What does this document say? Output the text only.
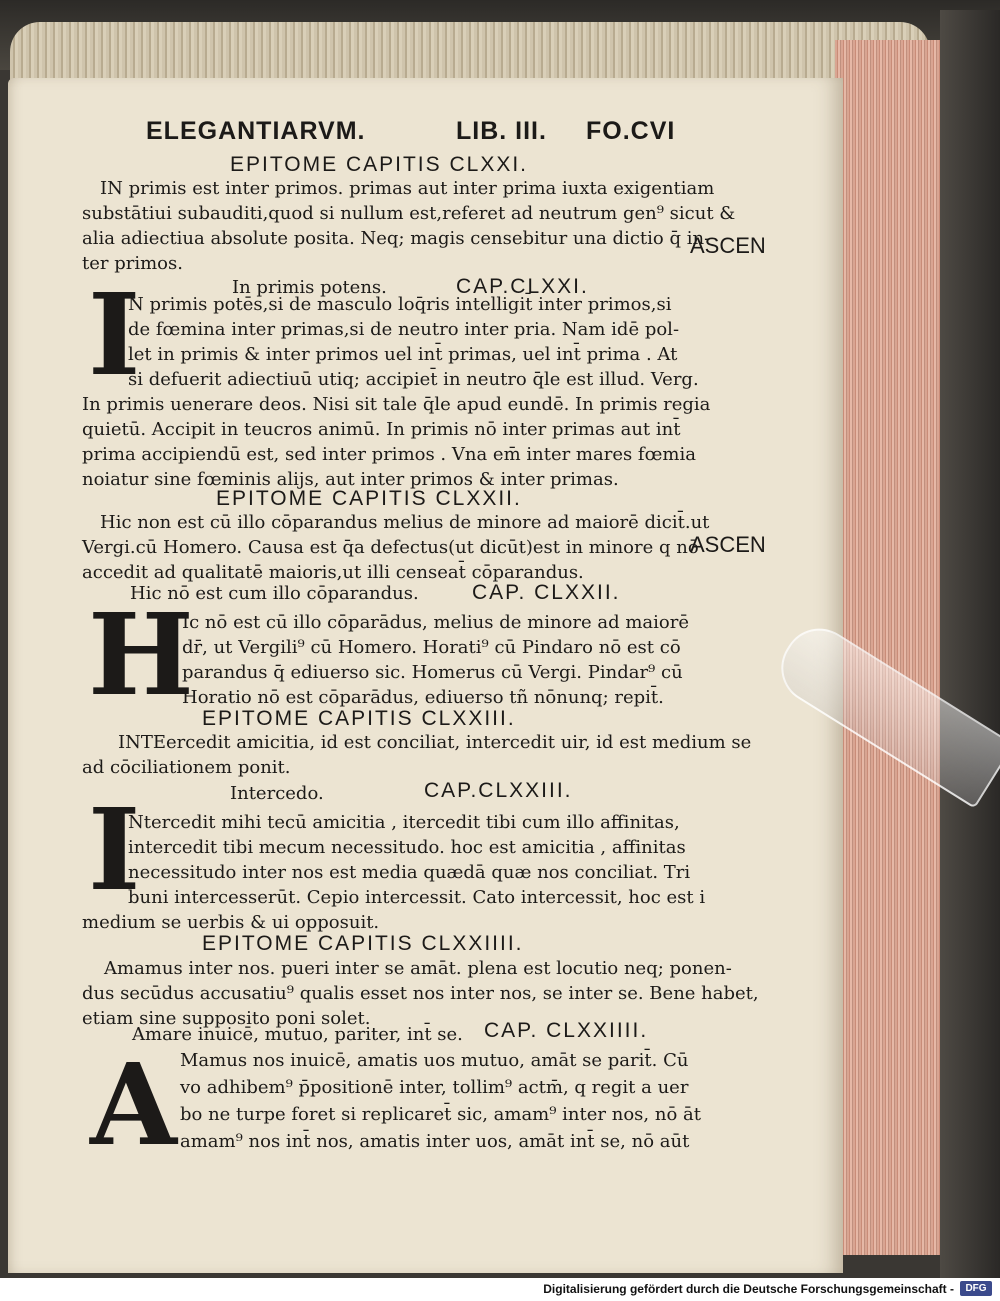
ELEGANTIARVM.	LIB. III. FO.CVI
EPITOME CAPITIS CLXXI.
IN primis est inter primos. primas aut inter prima iuxta exigentiam
substātiui subauditi,quod si nullum est,referet ad neutrum gen⁹ sicut &
alia adiectiua absolute posita. Neq; magis censebitur una dictio q̄ in-
ter primos.
ASCEN
In primis potens.	CAP.CLXXI.
I
N primis potēs,si de masculo loq̄ris intelligit̄ inter primos,si
de fœmina inter primas,si de neutro inter pria. Nam idē pol-
let in primis & inter primos uel int̄ primas, uel int̄ prima . At
si defuerit adiectiuū utiq; accipiet̄ in neutro q̄le est illud. Verg.
In primis uenerare deos. Nisi sit tale q̄le apud eundē. In primis regia
quietū. Accipit in teucros animū. In primis nō inter primas aut int̄
prima accipiendū est, sed inter primos . Vna em̄ inter mares fœmia
noiatur sine fœminis alijs, aut inter primos & inter primas.
EPITOME CAPITIS CLXXII.
Hic non est cū illo cōparandus melius de minore ad maiorē dicit̄.ut
Vergi.cū Homero. Causa est q̄a defectus(ut dicūt)est in minore q nō
accedit ad qualitatē maioris,ut illi censeat̄ cōparandus.
ASCEN
Hic nō est cum illo cōparandus.	CAP. CLXXII.
H
Ic nō est cū illo cōparādus, melius de minore ad maiorē
dr̄, ut Vergili⁹ cū Homero. Horati⁹ cū Pindaro nō est cō
parandus q̄ ediuerso sic. Homerus cū Vergi. Pindar⁹ cū
Horatio nō est cōparādus, ediuerso tñ nōnunq; repit̄.
EPITOME CAPITIS CLXXIII.
INTEercedit amicitia, id est conciliat, intercedit uir, id est medium se
ad cōciliationem ponit.
Intercedo.	CAP.CLXXIII.
I
Ntercedit mihi tecū amicitia , itercedit tibi cum illo affinitas,
intercedit tibi mecum necessitudo. hoc est amicitia , affinitas
necessitudo inter nos est media quædā quæ nos conciliat. Tri
buni intercesserūt. Cepio intercessit. Cato intercessit, hoc est i
medium se uerbis & ui opposuit.
EPITOME CAPITIS CLXXIIII.
Amamus inter nos. pueri inter se amāt. plena est locutio neq; ponen-
dus secūdus accusatiu⁹ qualis esset nos inter nos, se inter se. Bene habet,
etiam sine supposito poni solet.
Amare inuicē, mutuo, pariter, int̄ se. CAP. CLXXIIII.
A Mamus nos inuicē, amatis uos mutuo, amāt se parit̄. Cū
vo adhibem⁹ p̄positionē inter, tollim⁹ actm̄, q regit a uer
bo ne turpe foret si replicaret̄ sic, amam⁹ inter nos, nō āt
amam⁹ nos int̄ nos, amatis inter uos, amāt int̄ se, nō aūt
Digitalisierung gefördert durch die Deutsche Forschungsgemeinschaft -	DFG
